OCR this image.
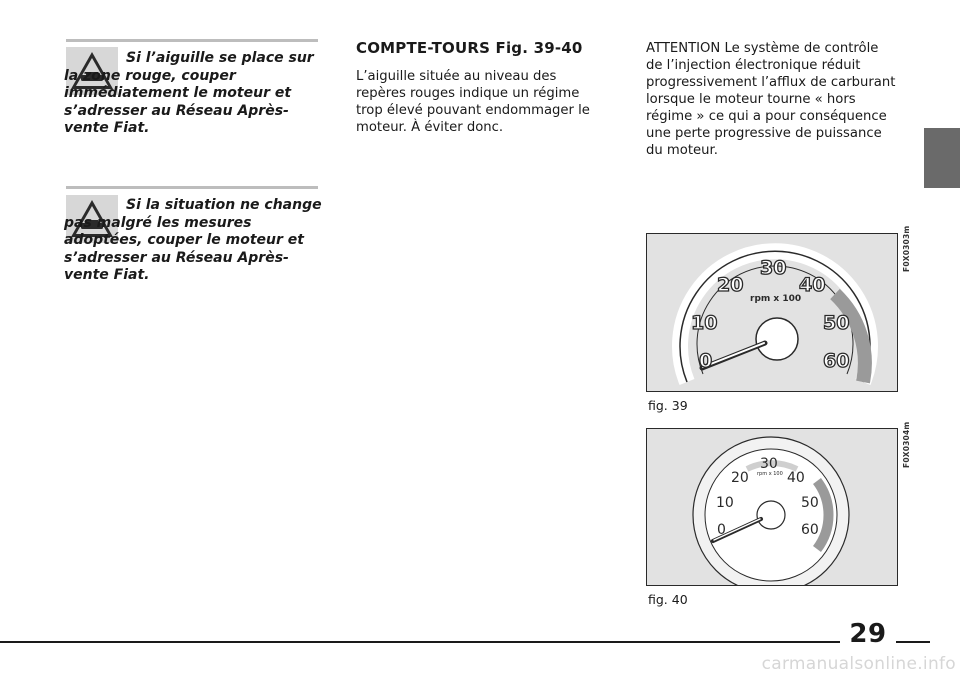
Si l’aiguille se place sur la zone rouge, couper immédiatement le moteur et s’adresser au Réseau Après-vente Fiat.

Si la situation ne change pas malgré les mesures adoptées, couper le moteur et s’adresser au Réseau Après-vente Fiat.

COMPTE-TOURS Fig. 39-40

L’aiguille située au niveau des repères rouges indique un régime trop élevé pouvant endommager le moteur. À éviter donc.

ATTENTION Le système de contrôle de l’injection électronique réduit progressivement l’afflux de carburant lorsque le moteur tourne « hors régime » ce qui a pour conséquence une perte progressive de puissance du moteur.

0
10
20
30
40
50
60
rpm x 100
F0X0303m
fig. 39
0
10
20
30
40
50
60
rpm x 100
F0X0304m
fig. 40
29
carmanualsonline.info
